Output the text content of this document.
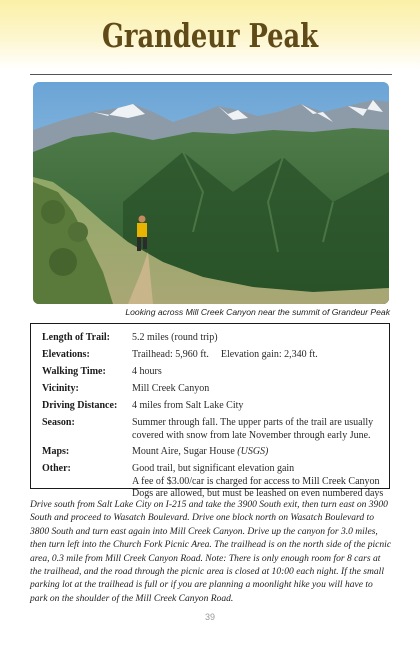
Grandeur Peak
Looking across Mill Creek Canyon near the summit of Grandeur Peak
Length of Trail:	5.2 miles (round trip)
Elevations:	Trailhead: 5,960 ft. Elevation gain: 2,340 ft.
Walking Time:	4 hours
Vicinity:	Mill Creek Canyon
Driving Distance:	4 miles from Salt Lake City
Season:	Summer through fall. The upper parts of the trail are usually covered with snow from late November through early June.
Maps:	Mount Aire, Sugar House (USGS)
Other:	Good trail, but significant elevation gain
A fee of $3.00/car is charged for access to Mill Creek Canyon
Dogs are allowed, but must be leashed on even numbered days

Drive south from Salt Lake City on I-215 and take the 3900 South exit, then turn east on 3900 South and proceed to Wasatch Boulevard. Drive one block north on Wasatch Boulevard to 3800 South and turn east again into Mill Creek Canyon. Drive up the canyon for 3.0 miles, then turn left into the Church Fork Picnic Area. The trailhead is on the north side of the picnic area, 0.3 mile from Mill Creek Canyon Road. Note: There is only enough room for 8 cars at the trailhead, and the road through the picnic area is closed at 10:00 each night. If the small parking lot at the trailhead is full or if you are planning a moonlight hike you will have to park on the shoulder of the Mill Creek Canyon Road.

39
